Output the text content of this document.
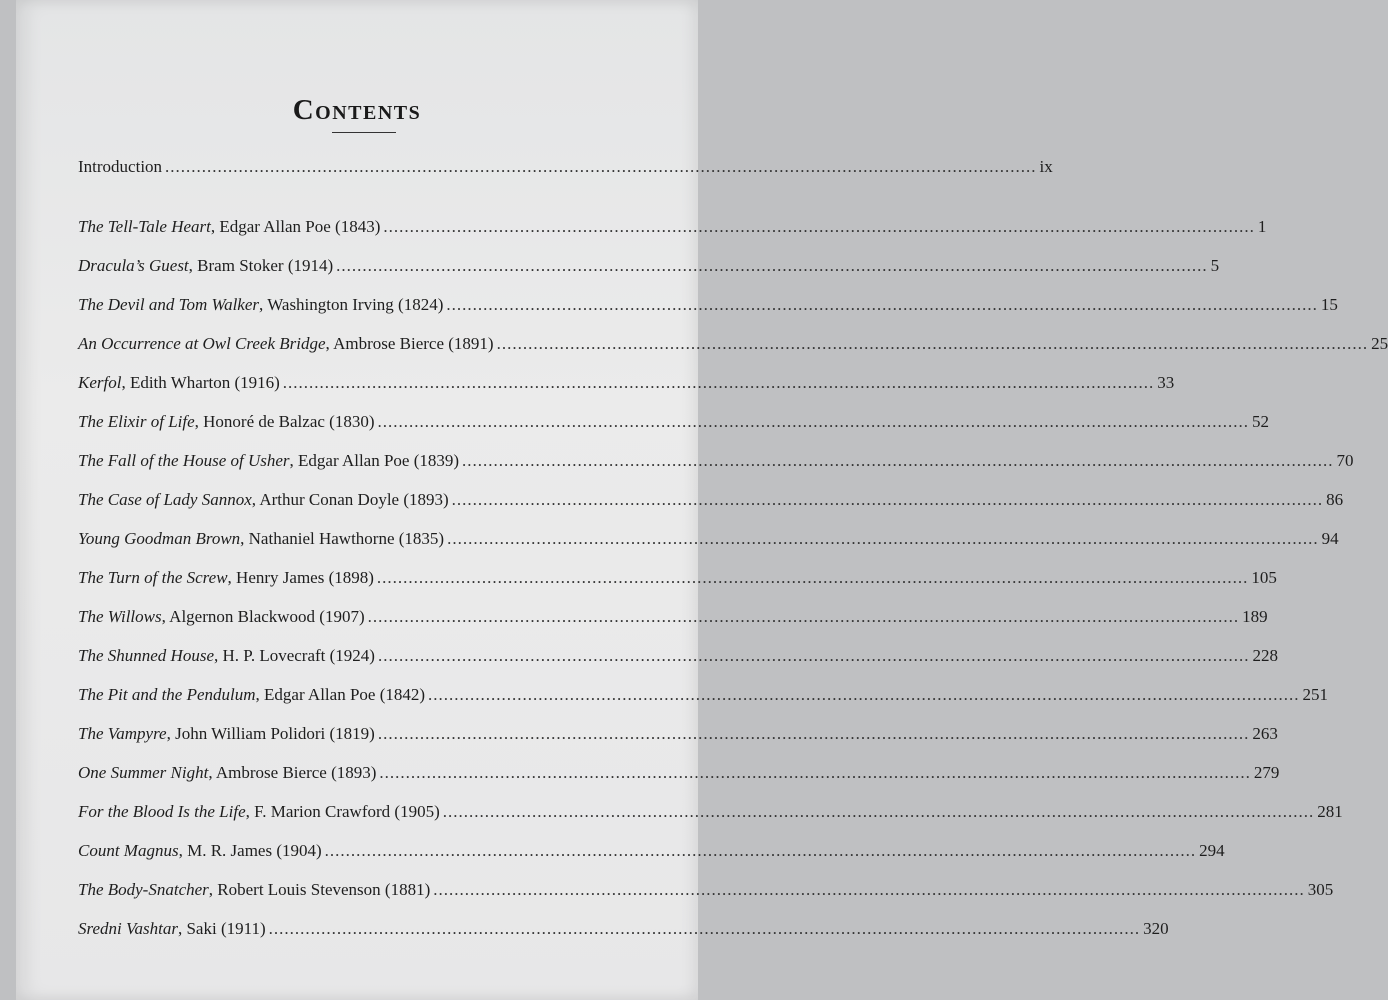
Contents
Introduction ...................................................................................................................................................................... ix
The Tell-Tale Heart, Edgar Allan Poe (1843) ...................................................................................................................................................................... 1
Dracula’s Guest, Bram Stoker (1914) ...................................................................................................................................................................... 5
The Devil and Tom Walker, Washington Irving (1824) ...................................................................................................................................................................... 15
An Occurrence at Owl Creek Bridge, Ambrose Bierce (1891) ...................................................................................................................................................................... 25
Kerfol, Edith Wharton (1916) ...................................................................................................................................................................... 33
The Elixir of Life, Honoré de Balzac (1830) ...................................................................................................................................................................... 52
The Fall of the House of Usher, Edgar Allan Poe (1839) ...................................................................................................................................................................... 70
The Case of Lady Sannox, Arthur Conan Doyle (1893) ...................................................................................................................................................................... 86
Young Goodman Brown, Nathaniel Hawthorne (1835) ...................................................................................................................................................................... 94
The Turn of the Screw, Henry James (1898) ...................................................................................................................................................................... 105
The Willows, Algernon Blackwood (1907) ...................................................................................................................................................................... 189
The Shunned House, H. P. Lovecraft (1924) ...................................................................................................................................................................... 228
The Pit and the Pendulum, Edgar Allan Poe (1842) ...................................................................................................................................................................... 251
The Vampyre, John William Polidori (1819) ...................................................................................................................................................................... 263
One Summer Night, Ambrose Bierce (1893) ...................................................................................................................................................................... 279
For the Blood Is the Life, F. Marion Crawford (1905) ...................................................................................................................................................................... 281
Count Magnus, M. R. James (1904) ...................................................................................................................................................................... 294
The Body-Snatcher, Robert Louis Stevenson (1881) ...................................................................................................................................................................... 305
Sredni Vashtar, Saki (1911) ...................................................................................................................................................................... 320
